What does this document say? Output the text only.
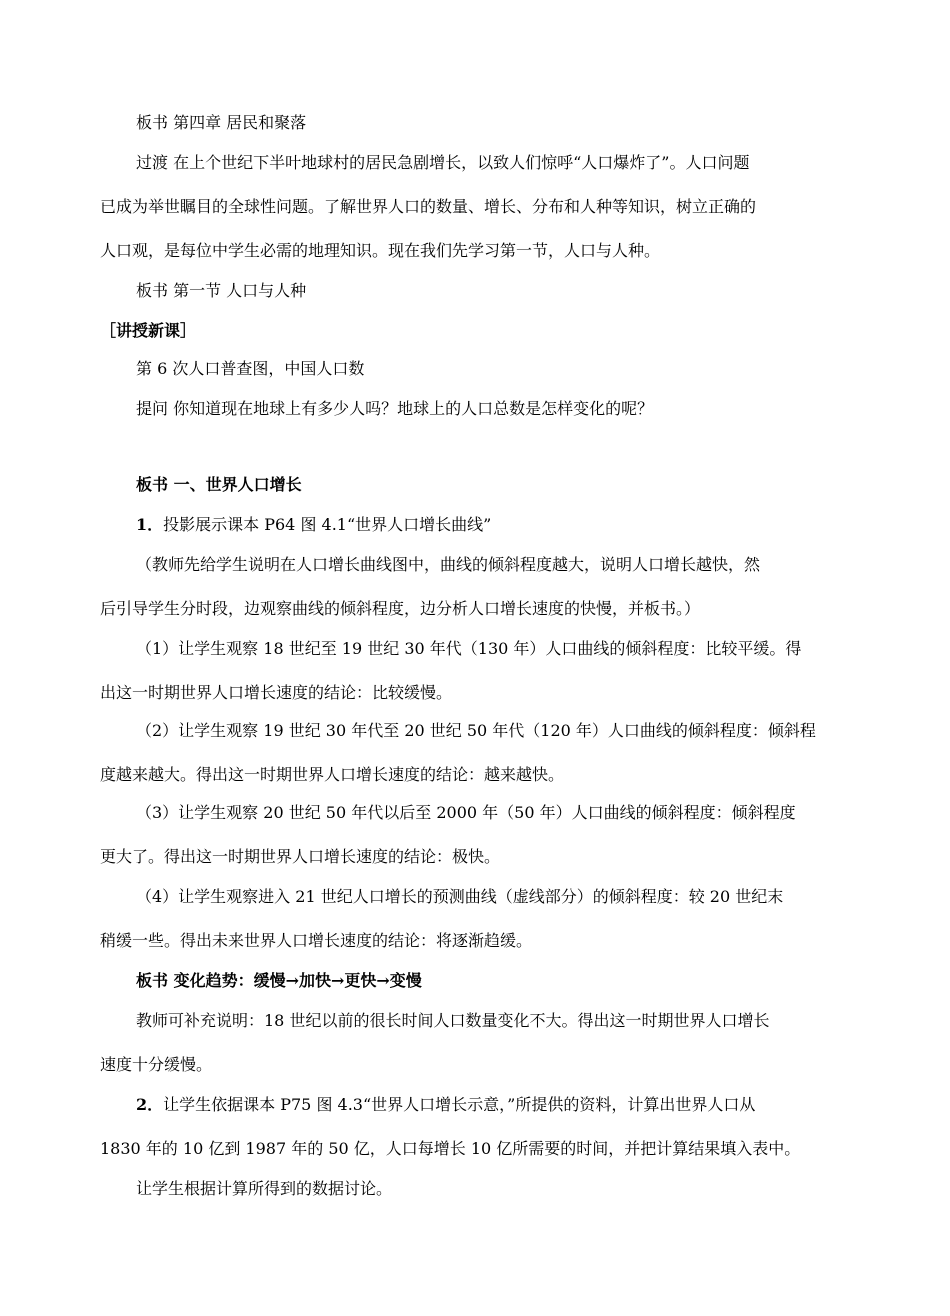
板书 第四章 居民和聚落
过渡 在上个世纪下半叶地球村的居民急剧增长，以致人们惊呼“人口爆炸了”。人口问题
已成为举世瞩目的全球性问题。了解世界人口的数量、增长、分布和人种等知识，树立正确的
人口观，是每位中学生必需的地理知识。现在我们先学习第一节，人口与人种。
板书 第一节 人口与人种
［讲授新课］
第 6 次人口普查图，中国人口数
提问 你知道现在地球上有多少人吗？地球上的人口总数是怎样变化的呢？
板书 一、世界人口增长
1．投影展示课本 P64 图 4.1“世界人口增长曲线”
（教师先给学生说明在人口增长曲线图中，曲线的倾斜程度越大，说明人口增长越快，然
后引导学生分时段，边观察曲线的倾斜程度，边分析人口增长速度的快慢，并板书。）
（1）让学生观察 18 世纪至 19 世纪 30 年代（130 年）人口曲线的倾斜程度：比较平缓。得
出这一时期世界人口增长速度的结论：比较缓慢。
（2）让学生观察 19 世纪 30 年代至 20 世纪 50 年代（120 年）人口曲线的倾斜程度：倾斜程
度越来越大。得出这一时期世界人口增长速度的结论：越来越快。
（3）让学生观察 20 世纪 50 年代以后至 2000 年（50 年）人口曲线的倾斜程度：倾斜程度
更大了。得出这一时期世界人口增长速度的结论：极快。
（4）让学生观察进入 21 世纪人口增长的预测曲线（虚线部分）的倾斜程度：较 20 世纪末
稍缓一些。得出未来世界人口增长速度的结论：将逐渐趋缓。
板书 变化趋势：缓慢→加快→更快→变慢
教师可补充说明：18 世纪以前的很长时间人口数量变化不大。得出这一时期世界人口增长
速度十分缓慢。
2．让学生依据课本 P75 图 4.3“世界人口增长示意，”所提供的资料，计算出世界人口从
1830 年的 10 亿到 1987 年的 50 亿，人口每增长 10 亿所需要的时间，并把计算结果填入表中。
让学生根据计算所得到的数据讨论。
